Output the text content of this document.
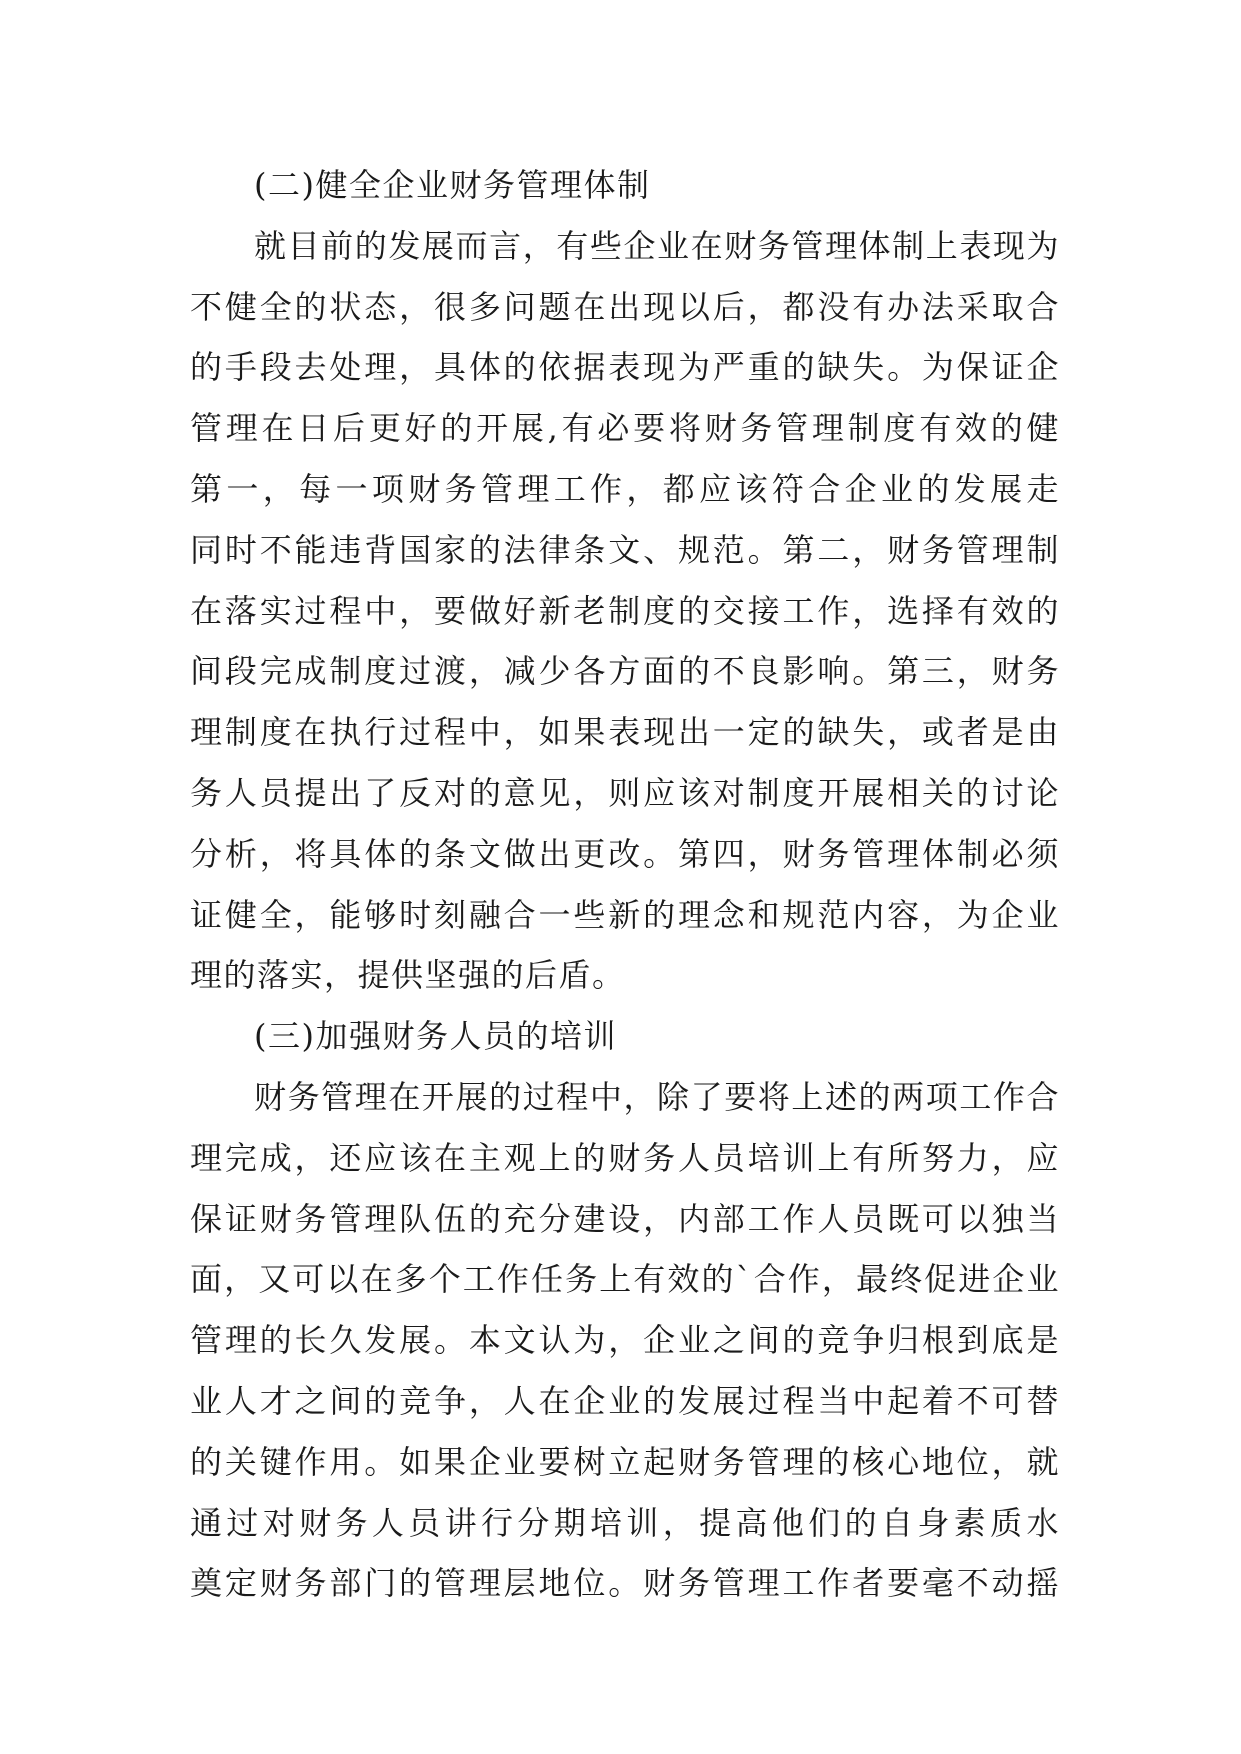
(二)健全企业财务管理体制
就目前的发展而言，有些企业在财务管理体制上表现为
不健全的状态，很多问题在出现以后，都没有办法采取合
的手段去处理，具体的依据表现为严重的缺失。为保证企
管理在日后更好的开展,有必要将财务管理制度有效的健
第一，每一项财务管理工作，都应该符合企业的发展走
同时不能违背国家的法律条文、规范。第二，财务管理制
在落实过程中，要做好新老制度的交接工作，选择有效的
间段完成制度过渡，减少各方面的不良影响。第三，财务
理制度在执行过程中，如果表现出一定的缺失，或者是由
务人员提出了反对的意见，则应该对制度开展相关的讨论
分析，将具体的条文做出更改。第四，财务管理体制必须
证健全，能够时刻融合一些新的理念和规范内容，为企业
理的落实，提供坚强的后盾。
(三)加强财务人员的培训
财务管理在开展的过程中，除了要将上述的两项工作合
理完成，还应该在主观上的财务人员培训上有所努力，应
保证财务管理队伍的充分建设，内部工作人员既可以独当
面，又可以在多个工作任务上有效的`合作，最终促进企业
管理的长久发展。本文认为，企业之间的竞争归根到底是
业人才之间的竞争，人在企业的发展过程当中起着不可替
的关键作用。如果企业要树立起财务管理的核心地位，就
通过对财务人员讲行分期培训，提高他们的自身素质水
奠定财务部门的管理层地位。财务管理工作者要毫不动摇
